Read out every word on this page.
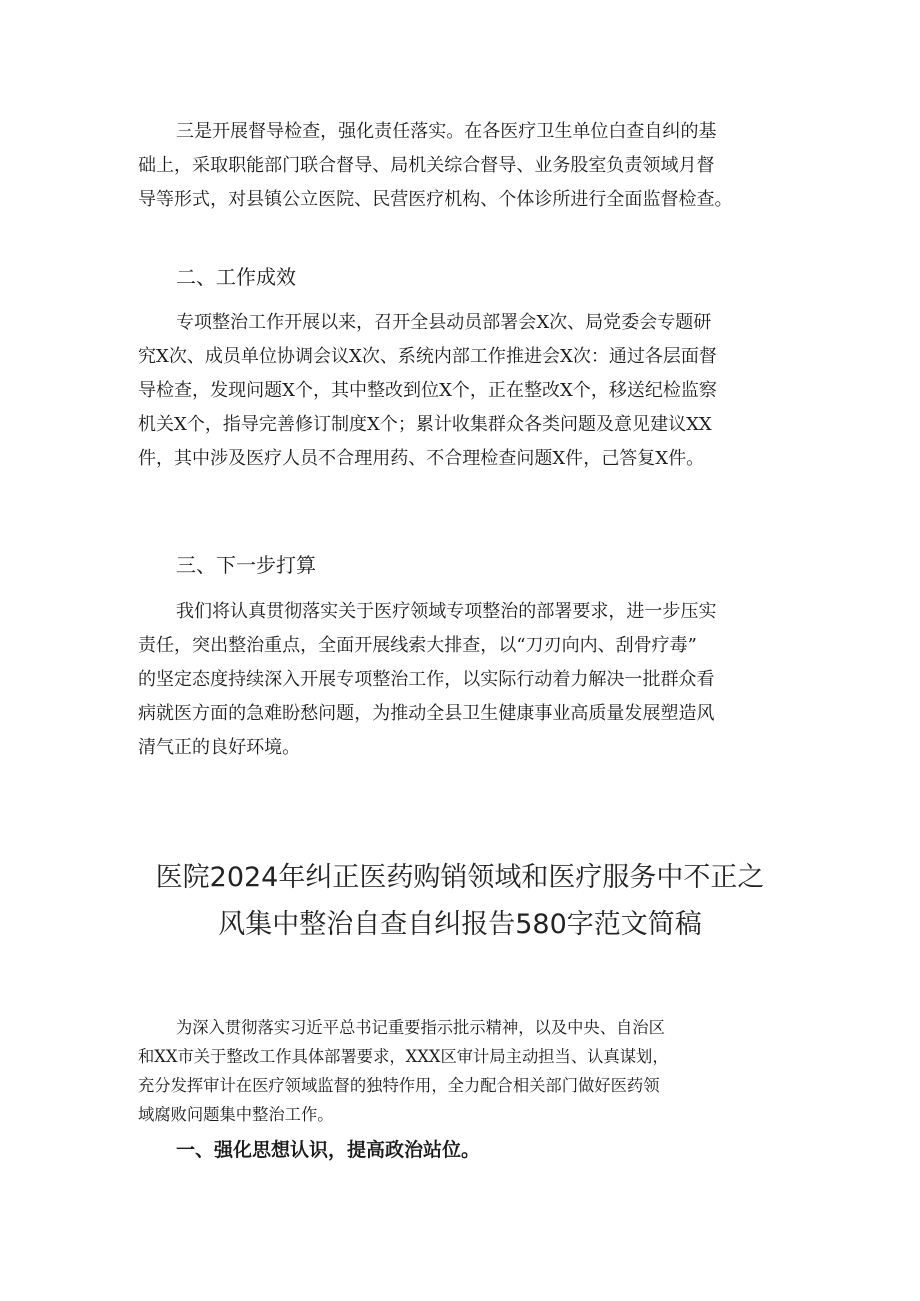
三是开展督导检查，强化责任落实。在各医疗卫生单位白查自纠的基
础上，采取职能部门联合督导、局机关综合督导、业务股室负责领域月督
导等形式，对县镇公立医院、民营医疗机构、个体诊所进行全面监督检查。
二、工作成效
专项整治工作开展以来，召开全县动员部署会X次、局党委会专题研
究X次、成员单位协调会议X次、系统内部工作推进会X次：通过各层面督
导检查，发现问题X个，其中整改到位X个，正在整改X个，移送纪检监察
机关X个，指导完善修订制度X个；累计收集群众各类问题及意见建议XX
件，其中涉及医疗人员不合理用药、不合理检查问题X件，己答复X件。
三、下一步打算
我们将认真贯彻落实关于医疗领域专项整治的部署要求，进一步压实
责任，突出整治重点，全面开展线索大排查，以“刀刃向内、刮骨疗毒”
的坚定态度持续深入开展专项整治工作，以实际行动着力解决一批群众看
病就医方面的急难盼愁问题，为推动全县卫生健康事业高质量发展塑造风
清气正的良好环境。
医院2024年纠正医药购销领域和医疗服务中不正之
风集中整治自查自纠报告580字范文简稿
为深入贯彻落实习近平总书记重要指示批示精神，以及中央、自治区
和XX市关于整改工作具体部署要求，XXX区审计局主动担当、认真谋划，
充分发挥审计在医疗领域监督的独特作用，全力配合相关部门做好医药领
域腐败问题集中整治工作。
一、强化思想认识，提高政治站位。
